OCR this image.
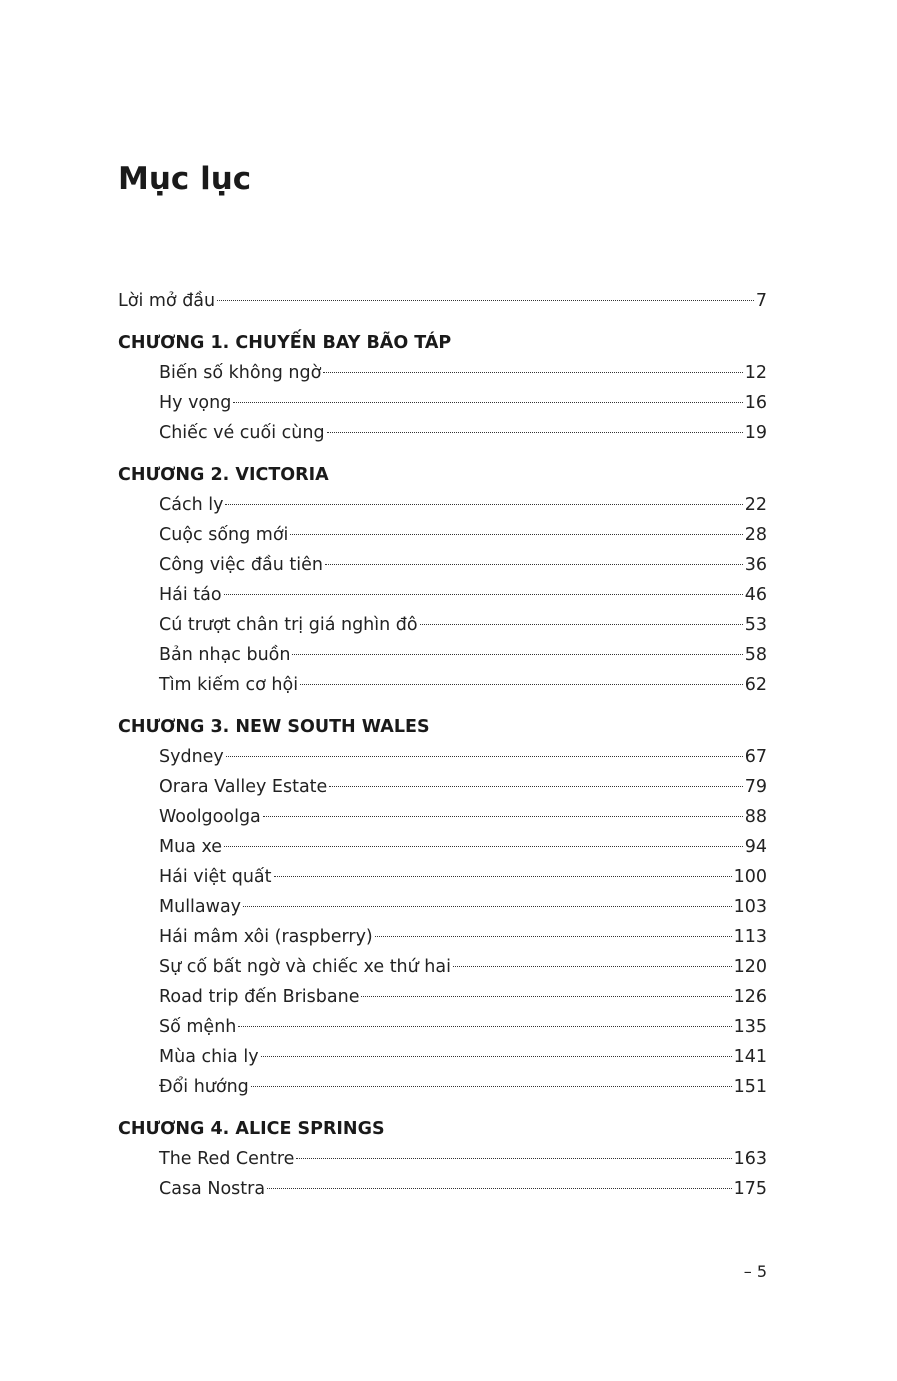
Mục lục
Lời mở đầu	7
CHƯƠNG 1. CHUYẾN BAY BÃO TÁP
Biến số không ngờ	12
Hy vọng	16
Chiếc vé cuối cùng	19
CHƯƠNG 2. VICTORIA
Cách ly	22
Cuộc sống mới	28
Công việc đầu tiên	36
Hái táo	46
Cú trượt chân trị giá nghìn đô	53
Bản nhạc buồn	58
Tìm kiếm cơ hội	62
CHƯƠNG 3. NEW SOUTH WALES
Sydney	67
Orara Valley Estate	79
Woolgoolga	88
Mua xe	94
Hái việt quất	100
Mullaway	103
Hái mâm xôi (raspberry)	113
Sự cố bất ngờ và chiếc xe thứ hai	120
Road trip đến Brisbane	126
Số mệnh	135
Mùa chia ly	141
Đổi hướng	151
CHƯƠNG 4. ALICE SPRINGS
The Red Centre	163
Casa Nostra	175
– 5
